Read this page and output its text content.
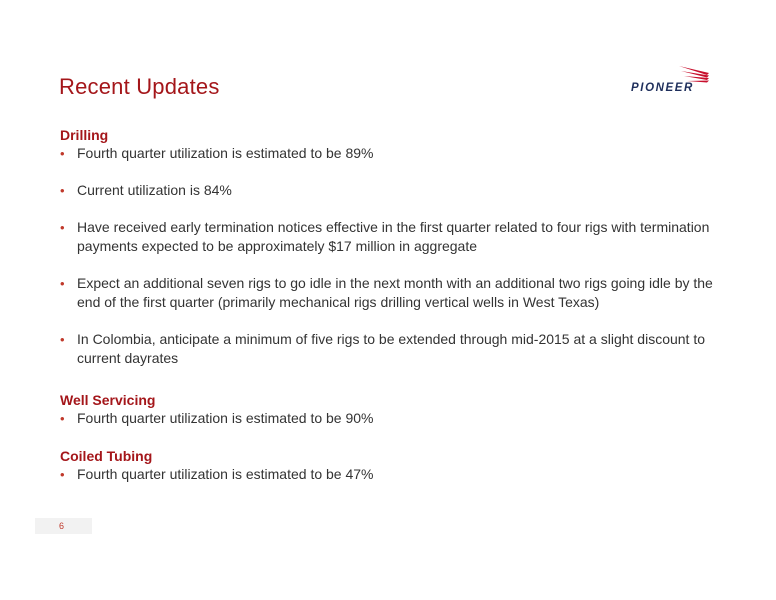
Recent Updates	PIONEER
Drilling
• Fourth quarter utilization is estimated to be 89%
• Current utilization is 84%
• Have received early termination notices effective in the first quarter related to four rigs with termination payments expected to be approximately $17 million in aggregate
• Expect an additional seven rigs to go idle in the next month with an additional two rigs going idle by the end of the first quarter (primarily mechanical rigs drilling vertical wells in West Texas)
• In Colombia, anticipate a minimum of five rigs to be extended through mid-2015 at a slight discount to current dayrates
Well Servicing
• Fourth quarter utilization is estimated to be 90%
Coiled Tubing
• Fourth quarter utilization is estimated to be 47%
6
